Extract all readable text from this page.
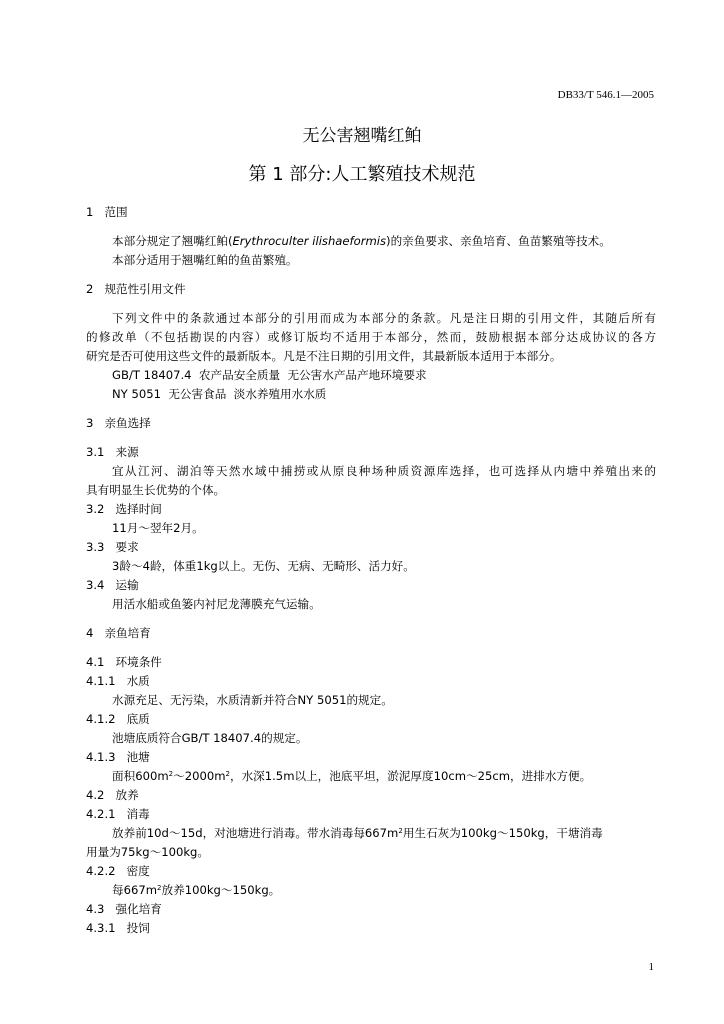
DB33/T 546.1—2005
无公害翘嘴红鲌
第 1 部分:人工繁殖技术规范
1 范围
本部分规定了翘嘴红鲌(Erythroculter ilishaeformis)的亲鱼要求、亲鱼培育、鱼苗繁殖等技术。
本部分适用于翘嘴红鲌的鱼苗繁殖。
2 规范性引用文件
下列文件中的条款通过本部分的引用而成为本部分的条款。凡是注日期的引用文件，其随后所有
的修改单（不包括勘误的内容）或修订版均不适用于本部分，然而，鼓励根据本部分达成协议的各方
研究是否可使用这些文件的最新版本。凡是不注日期的引用文件，其最新版本适用于本部分。
GB/T 18407.4  农产品安全质量  无公害水产品产地环境要求
NY 5051  无公害食品  淡水养殖用水水质
3 亲鱼选择
3.1 来源
宜从江河、湖泊等天然水域中捕捞或从原良种场种质资源库选择，也可选择从内塘中养殖出来的
具有明显生长优势的个体。
3.2 选择时间
11月～翌年2月。
3.3 要求
3龄～4龄，体重1kg以上。无伤、无病、无畸形、活力好。
3.4 运输
用活水船或鱼篓内衬尼龙薄膜充气运输。
4 亲鱼培育
4.1 环境条件
4.1.1 水质
水源充足、无污染，水质清新并符合NY 5051的规定。
4.1.2 底质
池塘底质符合GB/T 18407.4的规定。
4.1.3 池塘
面积$600m^2\sim 2000m^2$，水深1.5m以上，池底平坦，淤泥厚度10cm～25cm，进排水方便。
4.2 放养
4.2.1 消毒
放养前10d～15d，对池塘进行消毒。带水消毒每$667m^2$用生石灰为100kg～150kg，干塘消毒
用量为75kg～100kg。
4.2.2 密度
每$667m^2$放养100kg～150kg。
4.3 强化培育
4.3.1 投饲
1
